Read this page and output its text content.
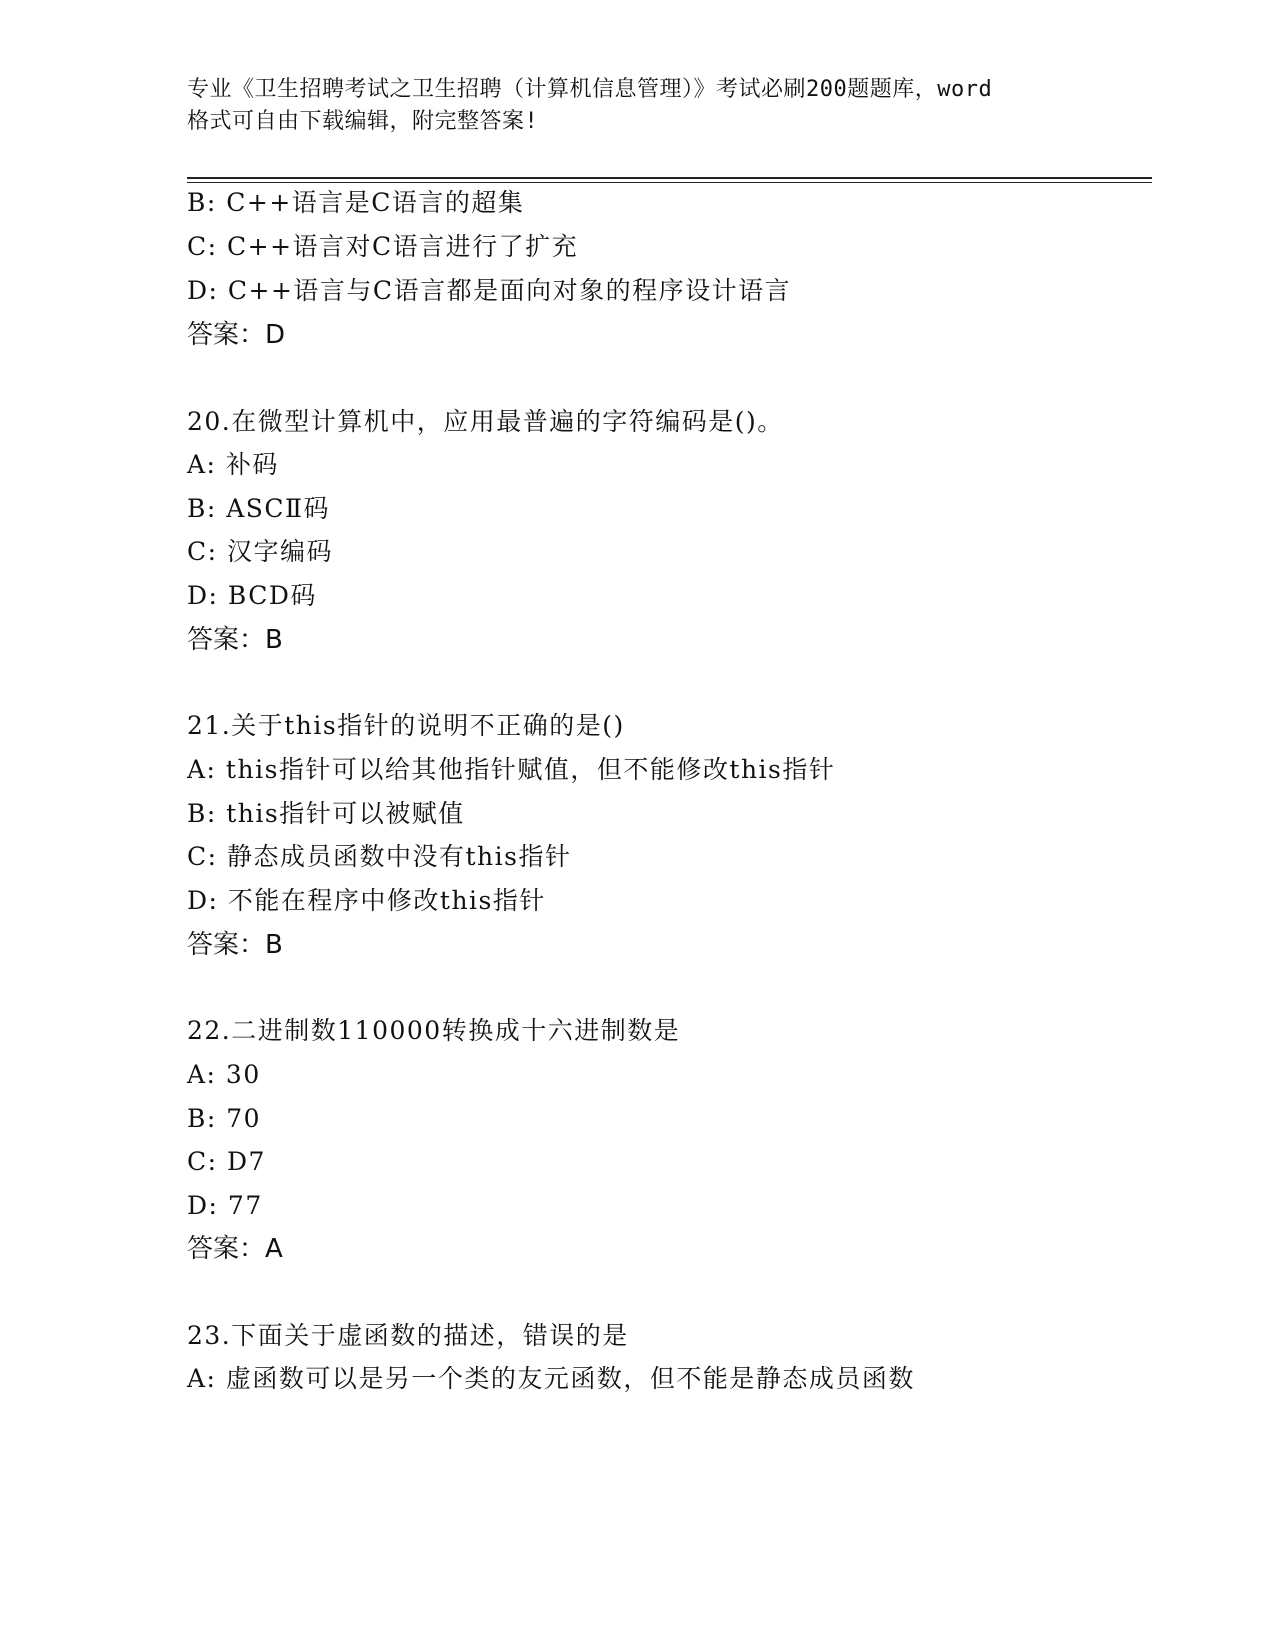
专业《卫生招聘考试之卫生招聘（计算机信息管理）》考试必刷200题题库，word
格式可自由下载编辑，附完整答案!
B: C++语言是C语言的超集
C: C++语言对C语言进行了扩充
D: C++语言与C语言都是面向对象的程序设计语言
答案：D
20.在微型计算机中，应用最普遍的字符编码是()。
A: 补码
B: ASCⅡ码
C: 汉字编码
D: BCD码
答案：B
21.关于this指针的说明不正确的是()
A: this指针可以给其他指针赋值，但不能修改this指针
B: this指针可以被赋值
C: 静态成员函数中没有this指针
D: 不能在程序中修改this指针
答案：B
22.二进制数110000转换成十六进制数是
A: 30
B: 70
C: D7
D: 77
答案：A
23.下面关于虚函数的描述，错误的是
A: 虚函数可以是另一个类的友元函数，但不能是静态成员函数
